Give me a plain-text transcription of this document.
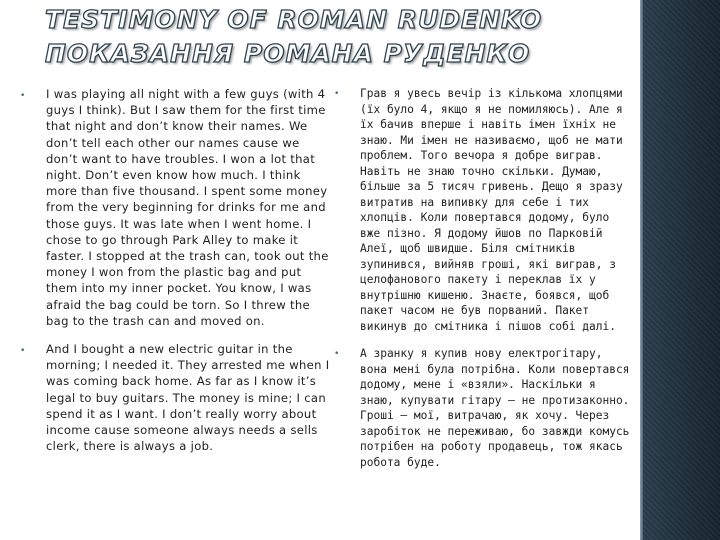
TESTIMONY OF ROMAN RUDENKO
ПОКАЗАННЯ РОМАНА РУДЕНКО
• I was playing all night with a few guys (with 4 guys I think). But I saw them for the first time that night and don’t know their names. We don’t tell each other our names cause we don’t want to have troubles. I won a lot that night. Don’t even know how much. I think more than five thousand. I spent some money from the very beginning for drinks for me and those guys. It was late when I went home. I chose to go through Park Alley to make it faster. I stopped at the trash can, took out the money I won from the plastic bag and put them into my inner pocket. You know, I was afraid the bag could be torn. So I threw the bag to the trash can and moved on.
• And I bought a new electric guitar in the morning; I needed it. They arrested me when I was coming back home. As far as I know it’s legal to buy guitars. The money is mine; I can spend it as I want. I don’t really worry about income cause someone always needs a sells clerk, there is always a job.
• Грав я увесь вечір із кількома хлопцями (їх було 4, якщо я не помиляюсь). Але я їх бачив вперше і навіть імен їхніх не знаю. Ми імен не називаємо, щоб не мати проблем. Того вечора я добре виграв. Навіть не знаю точно скільки. Думаю, більше за 5 тисяч гривень. Дещо я зразу витратив на випивку для себе і тих хлопців. Коли повертався додому, було вже пізно. Я додому йшов по Парковій Алеї, щоб швидше. Біля смітників зупинився, вийняв гроші, які виграв, з целофанового пакету і переклав їх у внутрішню кишеню. Знаєте, боявся, щоб пакет часом не був порваний. Пакет викинув до смітника і пішов собі далі.
• А зранку я купив нову електрогітару, вона мені була потрібна. Коли повертався додому, мене і «взяли». Наскільки я знаю, купувати гітару – не протизаконно. Гроші – мої, витрачаю, як хочу. Через заробіток не переживаю, бо завжди комусь потрібен на роботу продавець, тож якась робота буде.
